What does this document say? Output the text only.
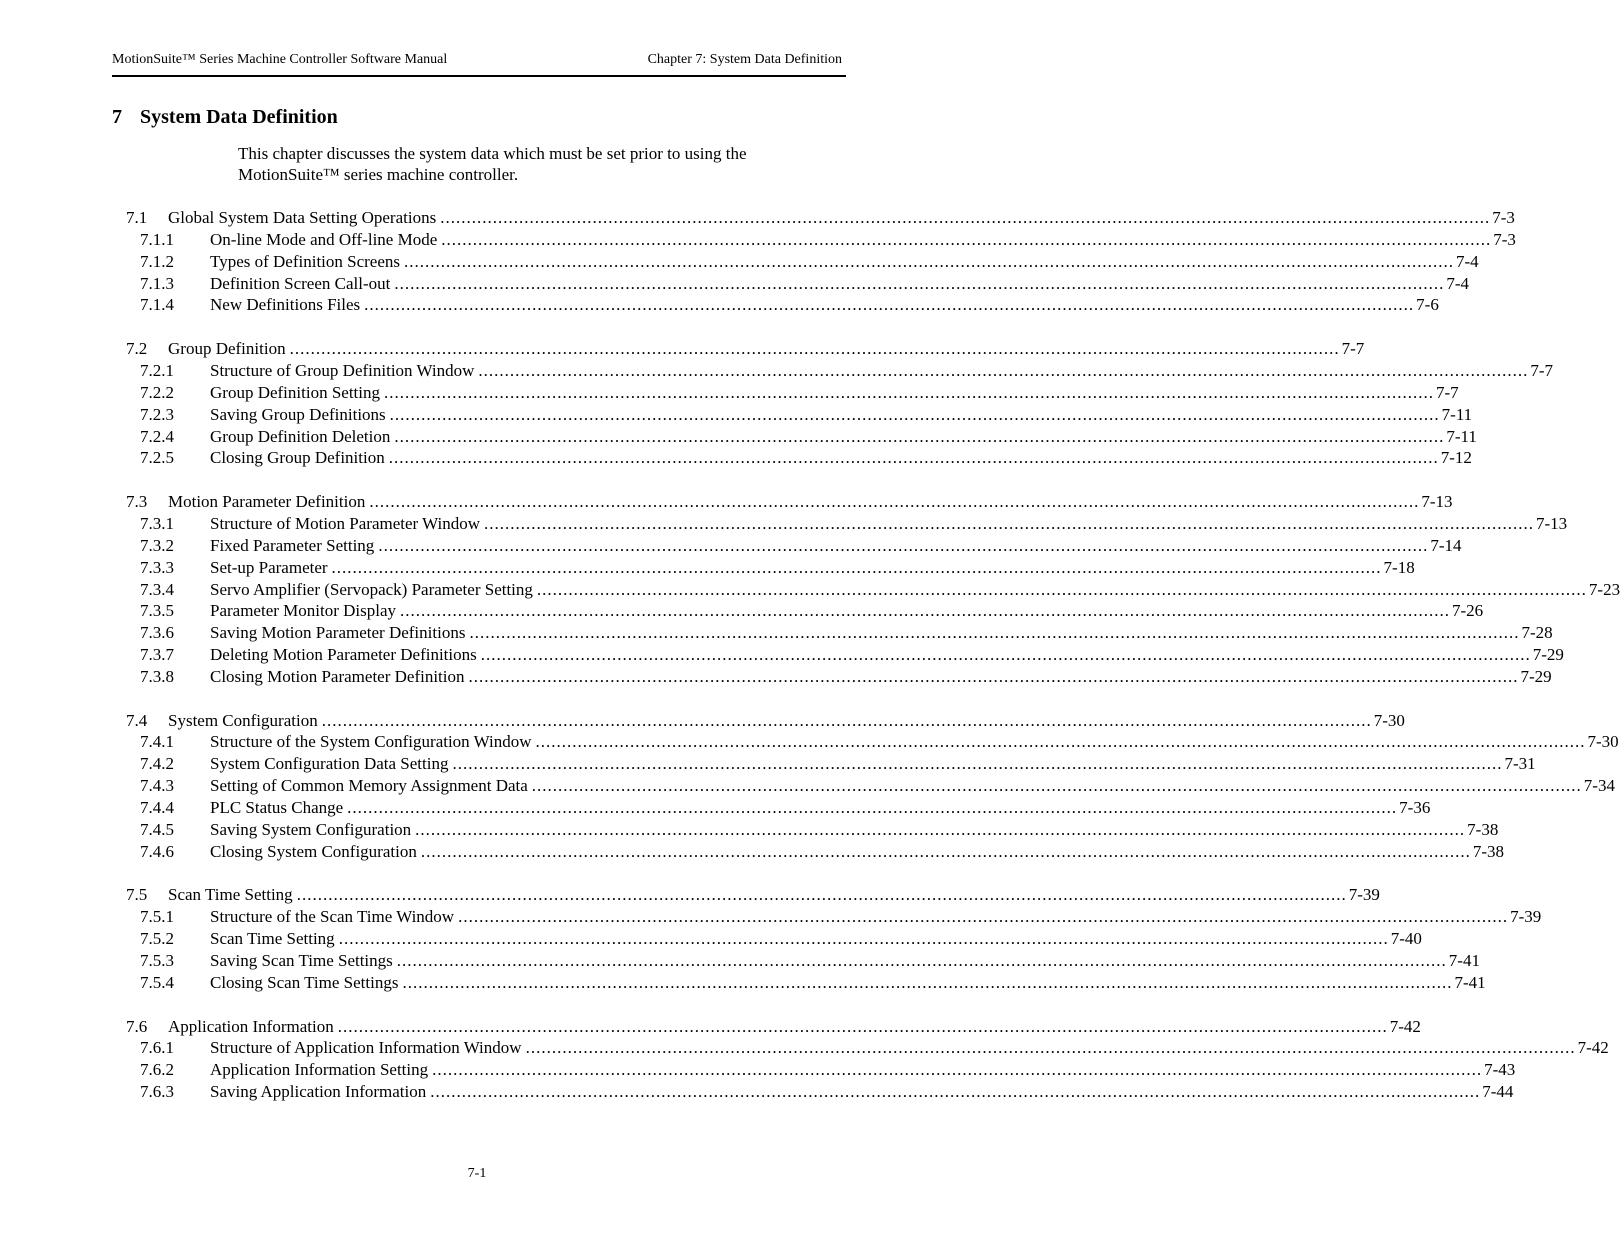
MotionSuite™ Series Machine Controller Software Manual	Chapter 7: System Data Definition
7 System Data Definition
This chapter discusses the system data which must be set prior to using the MotionSuite™ series machine controller.
7.1	Global System Data Setting Operations ........................................................................................................................................................................................................ 7-3
7.1.1	On-line Mode and Off-line Mode ........................................................................................................................................................................................................ 7-3
7.1.2	Types of Definition Screens ........................................................................................................................................................................................................ 7-4
7.1.3	Definition Screen Call-out ........................................................................................................................................................................................................ 7-4
7.1.4	New Definitions Files ........................................................................................................................................................................................................ 7-6
7.2	Group Definition ........................................................................................................................................................................................................ 7-7
7.2.1	Structure of Group Definition Window ........................................................................................................................................................................................................ 7-7
7.2.2	Group Definition Setting ........................................................................................................................................................................................................ 7-7
7.2.3	Saving Group Definitions ........................................................................................................................................................................................................ 7-11
7.2.4	Group Definition Deletion ........................................................................................................................................................................................................ 7-11
7.2.5	Closing Group Definition ........................................................................................................................................................................................................ 7-12
7.3	Motion Parameter Definition ........................................................................................................................................................................................................ 7-13
7.3.1	Structure of Motion Parameter Window ........................................................................................................................................................................................................ 7-13
7.3.2	Fixed Parameter Setting ........................................................................................................................................................................................................ 7-14
7.3.3	Set-up Parameter ........................................................................................................................................................................................................ 7-18
7.3.4	Servo Amplifier (Servopack) Parameter Setting ........................................................................................................................................................................................................ 7-23
7.3.5	Parameter Monitor Display ........................................................................................................................................................................................................ 7-26
7.3.6	Saving Motion Parameter Definitions ........................................................................................................................................................................................................ 7-28
7.3.7	Deleting Motion Parameter Definitions ........................................................................................................................................................................................................ 7-29
7.3.8	Closing Motion Parameter Definition ........................................................................................................................................................................................................ 7-29
7.4	System Configuration ........................................................................................................................................................................................................ 7-30
7.4.1	Structure of the System Configuration Window ........................................................................................................................................................................................................ 7-30
7.4.2	System Configuration Data Setting ........................................................................................................................................................................................................ 7-31
7.4.3	Setting of Common Memory Assignment Data ........................................................................................................................................................................................................ 7-34
7.4.4	PLC Status Change ........................................................................................................................................................................................................ 7-36
7.4.5	Saving System Configuration ........................................................................................................................................................................................................ 7-38
7.4.6	Closing System Configuration ........................................................................................................................................................................................................ 7-38
7.5	Scan Time Setting ........................................................................................................................................................................................................ 7-39
7.5.1	Structure of the Scan Time Window ........................................................................................................................................................................................................ 7-39
7.5.2	Scan Time Setting ........................................................................................................................................................................................................ 7-40
7.5.3	Saving Scan Time Settings ........................................................................................................................................................................................................ 7-41
7.5.4	Closing Scan Time Settings ........................................................................................................................................................................................................ 7-41
7.6	Application Information ........................................................................................................................................................................................................ 7-42
7.6.1	Structure of Application Information Window ........................................................................................................................................................................................................ 7-42
7.6.2	Application Information Setting ........................................................................................................................................................................................................ 7-43
7.6.3	Saving Application Information ........................................................................................................................................................................................................ 7-44
7-1
